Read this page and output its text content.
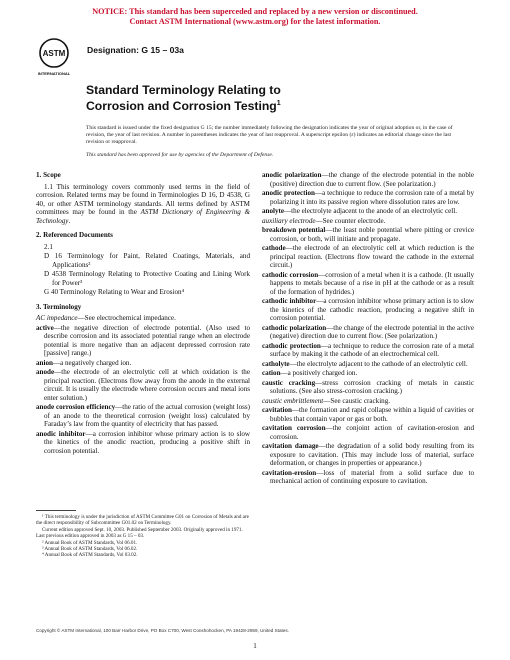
NOTICE: This standard has been superceded and replaced by a new version or discontinued.
Contact ASTM International (www.astm.org) for the latest information.
ASTM
INTERNATIONAL
Designation: G 15 – 03a
Standard Terminology Relating to
Corrosion and Corrosion Testing$^1$
This standard is issued under the fixed designation G 15; the number immediately following the designation indicates the year of original adoption or, in the case of revision, the year of last revision. A number in parentheses indicates the year of last reapproval. A superscript epsilon (ε) indicates an editorial change since the last revision or reapproval.
This standard has been approved for use by agencies of the Department of Defense.

1. Scope

1.1 This terminology covers commonly used terms in the field of corrosion. Related terms may be found in Terminologies D 16, D 4538, G 40, or other ASTM terminology standards. All terms defined by ASTM committees may be found in the ASTM Dictionary of Engineering & Technology.

2. Referenced Documents

2.1

D 16 Terminology for Paint, Related Coatings, Materials, and Applications²

D 4538 Terminology Relating to Protective Coating and Lining Work for Power³

G 40 Terminology Relating to Wear and Erosion⁴

3. Terminology

AC impedance—See electrochemical impedance.

active—the negative direction of electrode potential. (Also used to describe corrosion and its associated potential range when an electrode potential is more negative than an adjacent depressed corrosion rate [passive] range.)

anion—a negatively charged ion.

anode—the electrode of an electrolytic cell at which oxidation is the principal reaction. (Electrons flow away from the anode in the external circuit. It is usually the electrode where corrosion occurs and metal ions enter solution.)

anode corrosion efficiency—the ratio of the actual corrosion (weight loss) of an anode to the theoretical corrosion (weight loss) calculated by Faraday’s law from the quantity of electricity that has passed.

anodic inhibitor—a corrosion inhibitor whose primary action is to slow the kinetics of the anodic reaction, producing a positive shift in corrosion potential.

¹ This terminology is under the jurisdiction of ASTM Committee G01 on Corrosion of Metals and are the direct responsibility of Subcommittee G01.02 on Terminology.

Current edition approved Sept. 10, 2003. Published September 2003. Originally approved in 1971. Last previous edition approved in 2003 as G 15 – 03.

² Annual Book of ASTM Standards, Vol 06.01.

³ Annual Book of ASTM Standards, Vol 06.02.

⁴ Annual Book of ASTM Standards, Vol 03.02.

anodic polarization—the change of the electrode potential in the noble (positive) direction due to current flow. (See polarization.)

anodic protection—a technique to reduce the corrosion rate of a metal by polarizing it into its passive region where dissolution rates are low.

anolyte—the electrolyte adjacent to the anode of an electrolytic cell.

auxiliary electrode—See counter electrode.

breakdown potential—the least noble potential where pitting or crevice corrosion, or both, will initiate and propagate.

cathode—the electrode of an electrolytic cell at which reduction is the principal reaction. (Electrons flow toward the cathode in the external circuit.)

cathodic corrosion—corrosion of a metal when it is a cathode. (It usually happens to metals because of a rise in pH at the cathode or as a result of the formation of hydrides.)

cathodic inhibitor—a corrosion inhibitor whose primary action is to slow the kinetics of the cathodic reaction, producing a negative shift in corrosion potential.

cathodic polarization—the change of the electrode potential in the active (negative) direction due to current flow. (See polarization.)

cathodic protection—a technique to reduce the corrosion rate of a metal surface by making it the cathode of an electrochemical cell.

catholyte—the electrolyte adjacent to the cathode of an electrolytic cell.

cation—a positively charged ion.

caustic cracking—stress corrosion cracking of metals in caustic solutions. (See also stress-corrosion cracking.)

caustic embrittlement—See caustic cracking.

cavitation—the formation and rapid collapse within a liquid of cavities or bubbles that contain vapor or gas or both.

cavitation corrosion—the conjoint action of cavitation-erosion and corrosion.

cavitation damage—the degradation of a solid body resulting from its exposure to cavitation. (This may include loss of material, surface deformation, or changes in properties or appearance.)

cavitation-erosion—loss of material from a solid surface due to mechanical action of continuing exposure to cavitation.

Copyright © ASTM International, 100 Barr Harbor Drive, PO Box C700, West Conshohocken, PA 19428-2959, United States.
1
